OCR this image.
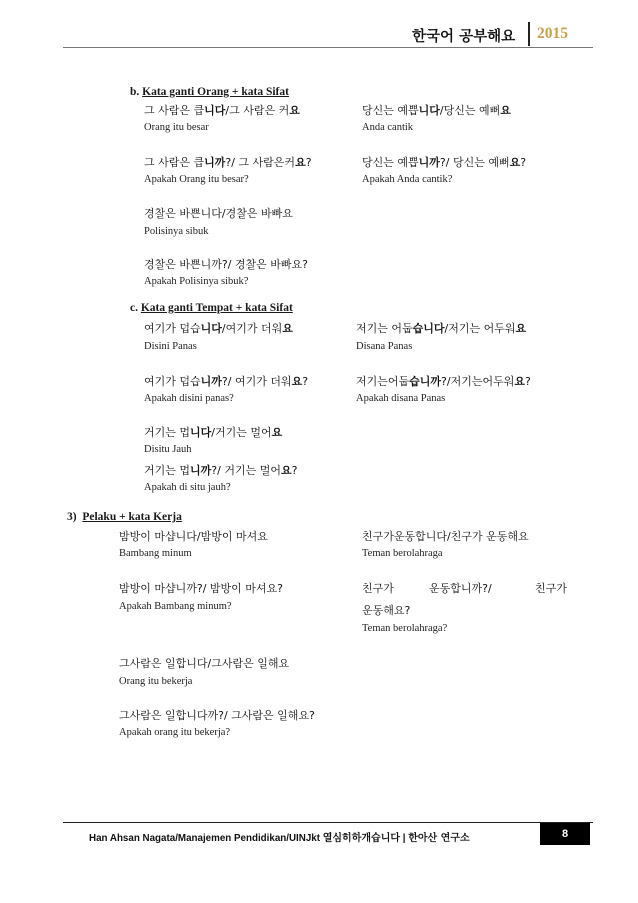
한국어 공부해요 2015
b. Kata ganti Orang + kata Sifat
그 사람은 큽니다/그 사람은 커요	당신는 예쁩니다/당신는 예뻐요
Orang itu besar	Anda cantik
그 사람은 큽니까?/ 그 사람은커요?	당신는 예쁩니까?/ 당신는 예뻐요?
Apakah Orang itu besar?	Apakah Anda cantik?
경찰은 바쁜니다/경찰은 바빠요
Polisinya sibuk
경찰은 바쁜니까?/ 경찰은 바빠요?
Apakah Polisinya sibuk?
c. Kata ganti Tempat + kata Sifat
여기가 덥습니다/여기가 더워요	저기는 어둡습니다/저기는 어두워요
Disini Panas	Disana Panas
여기가 덥습니까?/ 여기가 더워요?	저기는어둡습니까?/저기는어두워요?
Apakah disini panas?	Apakah disana Panas
거기는 멉니다/거기는 멀어요
Disitu Jauh
거기는 멉니까?/ 거기는 멀어요?
Apakah di situ jauh?
3) Pelaku + kata Kerja
밤방이 마샵니다/밤방이 마셔요	친구가운동합니다/친구가 운동해요
Bambang minum	Teman berolahraga
밤방이 마샵니까?/ 밤방이 마셔요?	친구가	운동합니까?/	친구가
운동해요?
Apakah Bambang minum?
Teman berolahraga?
그사람은 일합니다/그사람은 일해요
Orang itu bekerja
그사람은 일합니다까?/ 그사람은 일해요?
Apakah orang itu bekerja?
Han Ahsan Nagata/Manajemen Pendidikan/UINJkt 열심히하개습니다 | 한아산 연구소	8
